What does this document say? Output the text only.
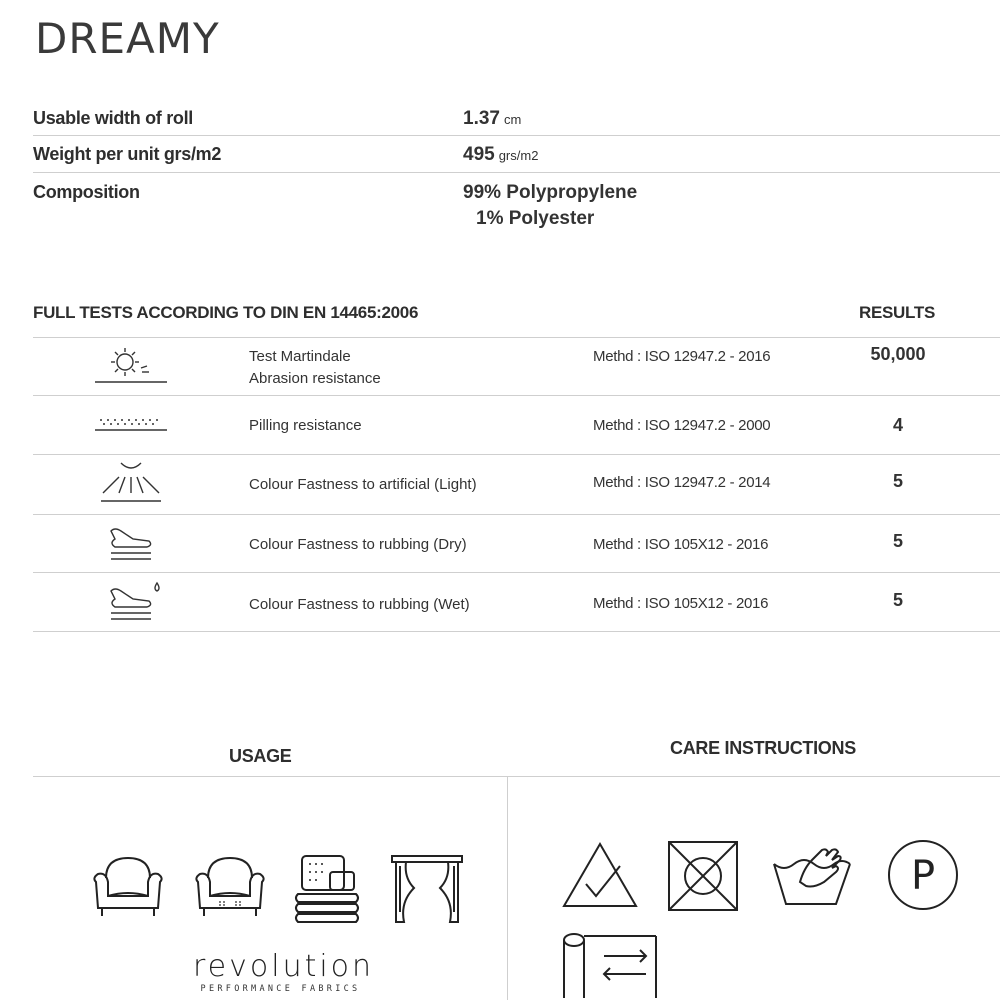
DREAMY
Usable width of roll	1.37 cm
Weight per unit grs/m2	495 grs/m2
Composition	99% Polypropylene
1% Polyester
FULL TESTS ACCORDING TO DIN EN 14465:2006	RESULTS
Test Martindale
Abrasion resistance
Methd : ISO 12947.2 - 2016	50,000
Pilling resistance	Methd : ISO 12947.2 - 2000	4
Colour Fastness to artificial (Light)	Methd : ISO 12947.2 - 2014	5
Colour Fastness to rubbing (Dry)	Methd : ISO 105X12 - 2016	5
Colour Fastness to rubbing (Wet)	Methd : ISO 105X12 - 2016	5
USAGE	CARE INSTRUCTIONS
revolution
PERFORMANCE FABRICS
P
